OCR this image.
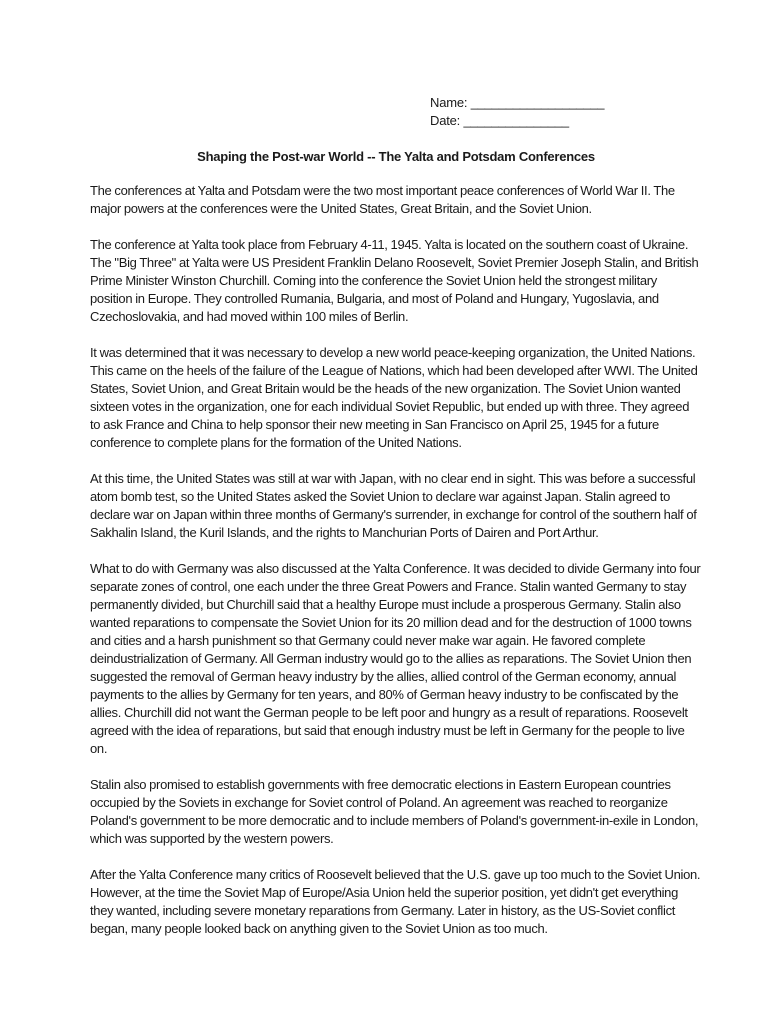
Name: ___________________
Date: _______________
Shaping the Post-war World -- The Yalta and Potsdam Conferences

The conferences at Yalta and Potsdam were the two most important peace conferences of World War II. The major powers at the conferences were the United States, Great Britain, and the Soviet Union.

The conference at Yalta took place from February 4-11, 1945. Yalta is located on the southern coast of Ukraine. The "Big Three" at Yalta were US President Franklin Delano Roosevelt, Soviet Premier Joseph Stalin, and British Prime Minister Winston Churchill. Coming into the conference the Soviet Union held the strongest military position in Europe. They controlled Rumania, Bulgaria, and most of Poland and Hungary, Yugoslavia, and Czechoslovakia, and had moved within 100 miles of Berlin.

It was determined that it was necessary to develop a new world peace-keeping organization, the United Nations. This came on the heels of the failure of the League of Nations, which had been developed after WWI. The United States, Soviet Union, and Great Britain would be the heads of the new organization. The Soviet Union wanted sixteen votes in the organization, one for each individual Soviet Republic, but ended up with three. They agreed to ask France and China to help sponsor their new meeting in San Francisco on April 25, 1945 for a future conference to complete plans for the formation of the United Nations.

At this time, the United States was still at war with Japan, with no clear end in sight. This was before a successful atom bomb test, so the United States asked the Soviet Union to declare war against Japan. Stalin agreed to declare war on Japan within three months of Germany's surrender, in exchange for control of the southern half of Sakhalin Island, the Kuril Islands, and the rights to Manchurian Ports of Dairen and Port Arthur.

What to do with Germany was also discussed at the Yalta Conference. It was decided to divide Germany into four separate zones of control, one each under the three Great Powers and France. Stalin wanted Germany to stay permanently divided, but Churchill said that a healthy Europe must include a prosperous Germany. Stalin also wanted reparations to compensate the Soviet Union for its 20 million dead and for the destruction of 1000 towns and cities and a harsh punishment so that Germany could never make war again. He favored complete deindustrialization of Germany. All German industry would go to the allies as reparations. The Soviet Union then suggested the removal of German heavy industry by the allies, allied control of the German economy, annual payments to the allies by Germany for ten years, and 80% of German heavy industry to be confiscated by the allies. Churchill did not want the German people to be left poor and hungry as a result of reparations. Roosevelt agreed with the idea of reparations, but said that enough industry must be left in Germany for the people to live on.

Stalin also promised to establish governments with free democratic elections in Eastern European countries occupied by the Soviets in exchange for Soviet control of Poland. An agreement was reached to reorganize Poland's government to be more democratic and to include members of Poland's government-in-exile in London, which was supported by the western powers.

After the Yalta Conference many critics of Roosevelt believed that the U.S. gave up too much to the Soviet Union. However, at the time the Soviet Map of Europe/Asia Union held the superior position, yet didn't get everything they wanted, including severe monetary reparations from Germany. Later in history, as the US-Soviet conflict began, many people looked back on anything given to the Soviet Union as too much.
